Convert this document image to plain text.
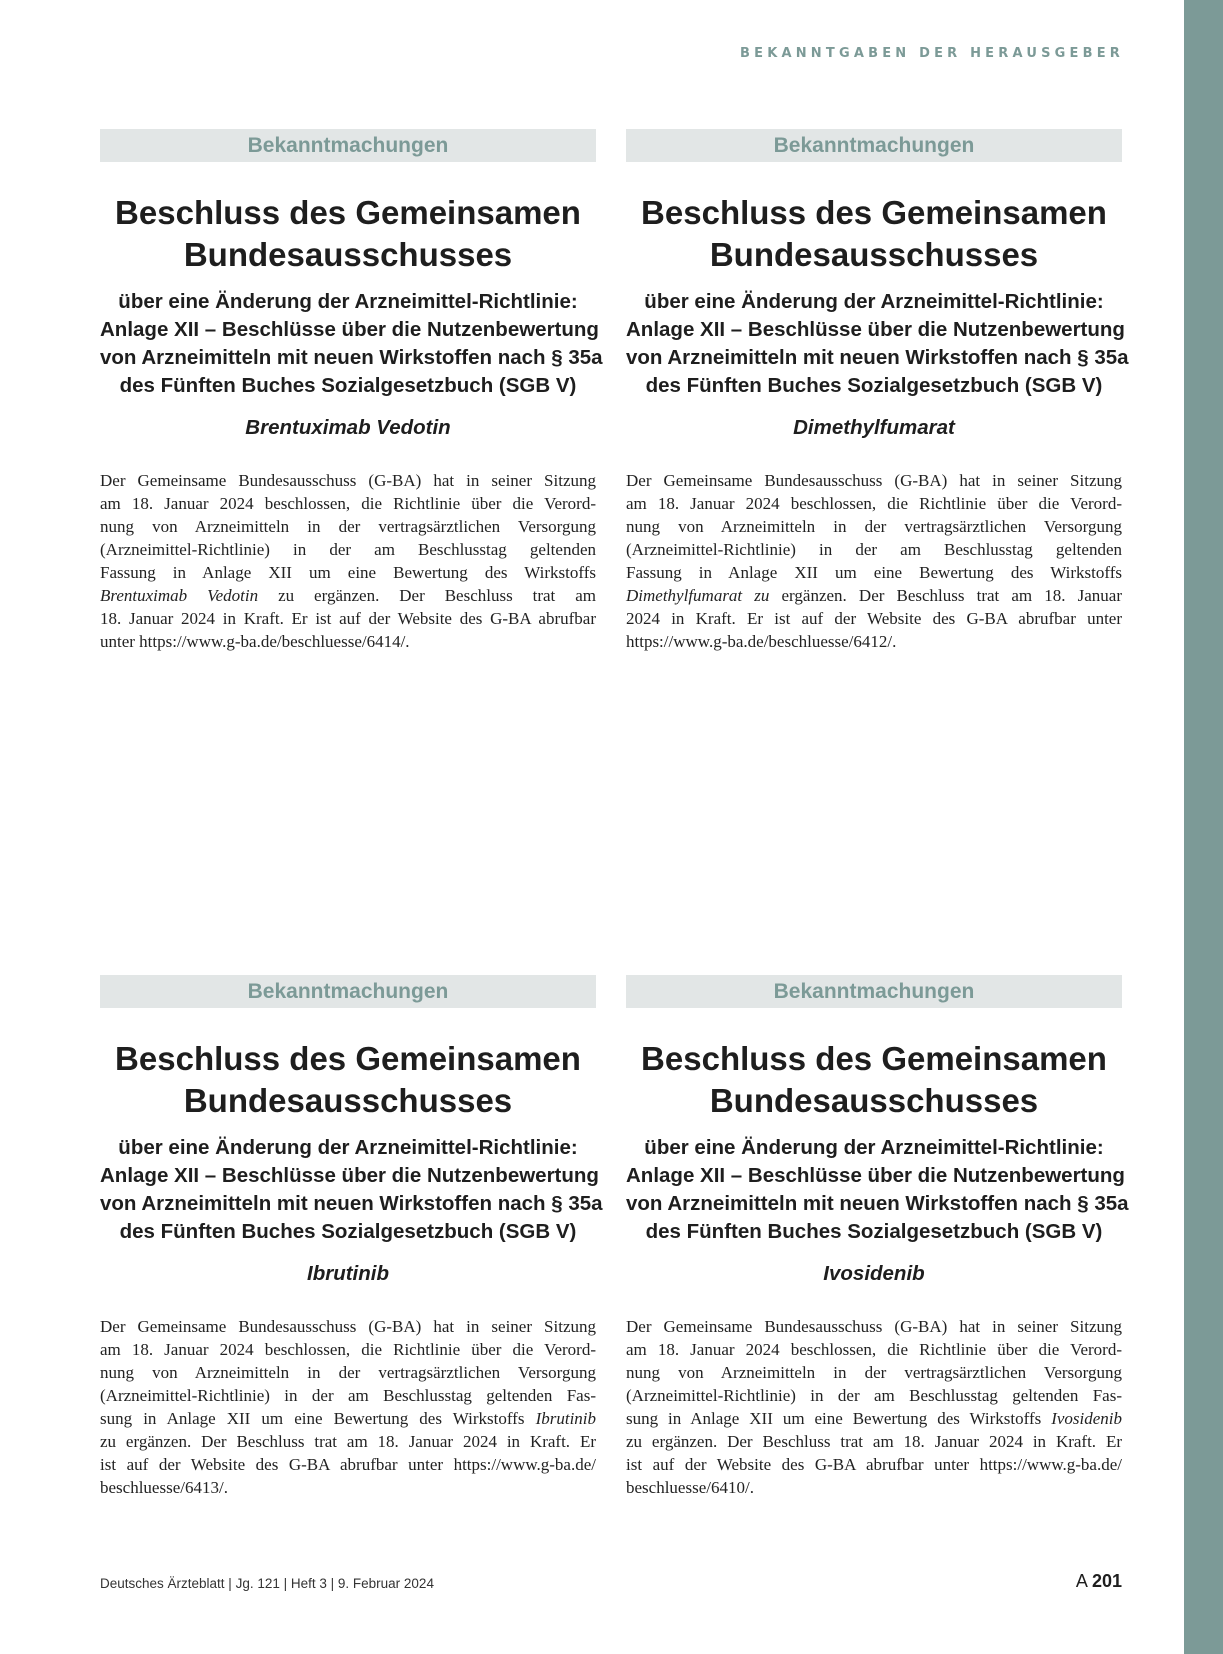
BEKANNTGABEN DER HERAUSGEBER
Bekanntmachungen
Beschluss des Gemeinsamen
Bundesausschusses
über eine Änderung der Arzneimittel-Richtlinie:
Anlage XII – Beschlüsse über die Nutzenbewertung
von Arzneimitteln mit neuen Wirkstoffen nach § 35a
des Fünften Buches Sozialgesetzbuch (SGB V)
Brentuximab Vedotin
Der Gemeinsame Bundesausschuss (G-BA) hat in seiner Sitzung
am 18. Januar 2024 beschlossen, die Richtlinie über die Verord-
nung von Arzneimitteln in der vertragsärztlichen Versorgung
(Arzneimittel-Richtlinie) in der am Beschlusstag geltenden
Fassung in Anlage XII um eine Bewertung des Wirkstoffs
Brentuximab Vedotin zu ergänzen. Der Beschluss trat am
18. Januar 2024 in Kraft. Er ist auf der Website des G-BA abrufbar
unter https://www.g-ba.de/beschluesse/6414/.
Bekanntmachungen
Beschluss des Gemeinsamen
Bundesausschusses
über eine Änderung der Arzneimittel-Richtlinie:
Anlage XII – Beschlüsse über die Nutzenbewertung
von Arzneimitteln mit neuen Wirkstoffen nach § 35a
des Fünften Buches Sozialgesetzbuch (SGB V)
Dimethylfumarat
Der Gemeinsame Bundesausschuss (G-BA) hat in seiner Sitzung
am 18. Januar 2024 beschlossen, die Richtlinie über die Verord-
nung von Arzneimitteln in der vertragsärztlichen Versorgung
(Arzneimittel-Richtlinie) in der am Beschlusstag geltenden
Fassung in Anlage XII um eine Bewertung des Wirkstoffs
Dimethylfumarat zu ergänzen. Der Beschluss trat am 18. Januar
2024 in Kraft. Er ist auf der Website des G-BA abrufbar unter
https://www.g-ba.de/beschluesse/6412/.
Bekanntmachungen
Beschluss des Gemeinsamen
Bundesausschusses
über eine Änderung der Arzneimittel-Richtlinie:
Anlage XII – Beschlüsse über die Nutzenbewertung
von Arzneimitteln mit neuen Wirkstoffen nach § 35a
des Fünften Buches Sozialgesetzbuch (SGB V)
Ibrutinib
Der Gemeinsame Bundesausschuss (G-BA) hat in seiner Sitzung
am 18. Januar 2024 beschlossen, die Richtlinie über die Verord-
nung von Arzneimitteln in der vertragsärztlichen Versorgung
(Arzneimittel-Richtlinie) in der am Beschlusstag geltenden Fas-
sung in Anlage XII um eine Bewertung des Wirkstoffs Ibrutinib
zu ergänzen. Der Beschluss trat am 18. Januar 2024 in Kraft. Er
ist auf der Website des G-BA abrufbar unter https://www.g-ba.de/
beschluesse/6413/.
Bekanntmachungen
Beschluss des Gemeinsamen
Bundesausschusses
über eine Änderung der Arzneimittel-Richtlinie:
Anlage XII – Beschlüsse über die Nutzenbewertung
von Arzneimitteln mit neuen Wirkstoffen nach § 35a
des Fünften Buches Sozialgesetzbuch (SGB V)
Ivosidenib
Der Gemeinsame Bundesausschuss (G-BA) hat in seiner Sitzung
am 18. Januar 2024 beschlossen, die Richtlinie über die Verord-
nung von Arzneimitteln in der vertragsärztlichen Versorgung
(Arzneimittel-Richtlinie) in der am Beschlusstag geltenden Fas-
sung in Anlage XII um eine Bewertung des Wirkstoffs Ivosidenib
zu ergänzen. Der Beschluss trat am 18. Januar 2024 in Kraft. Er
ist auf der Website des G-BA abrufbar unter https://www.g-ba.de/
beschluesse/6410/.
Deutsches Ärzteblatt | Jg. 121 | Heft 3 | 9. Februar 2024	A 201
